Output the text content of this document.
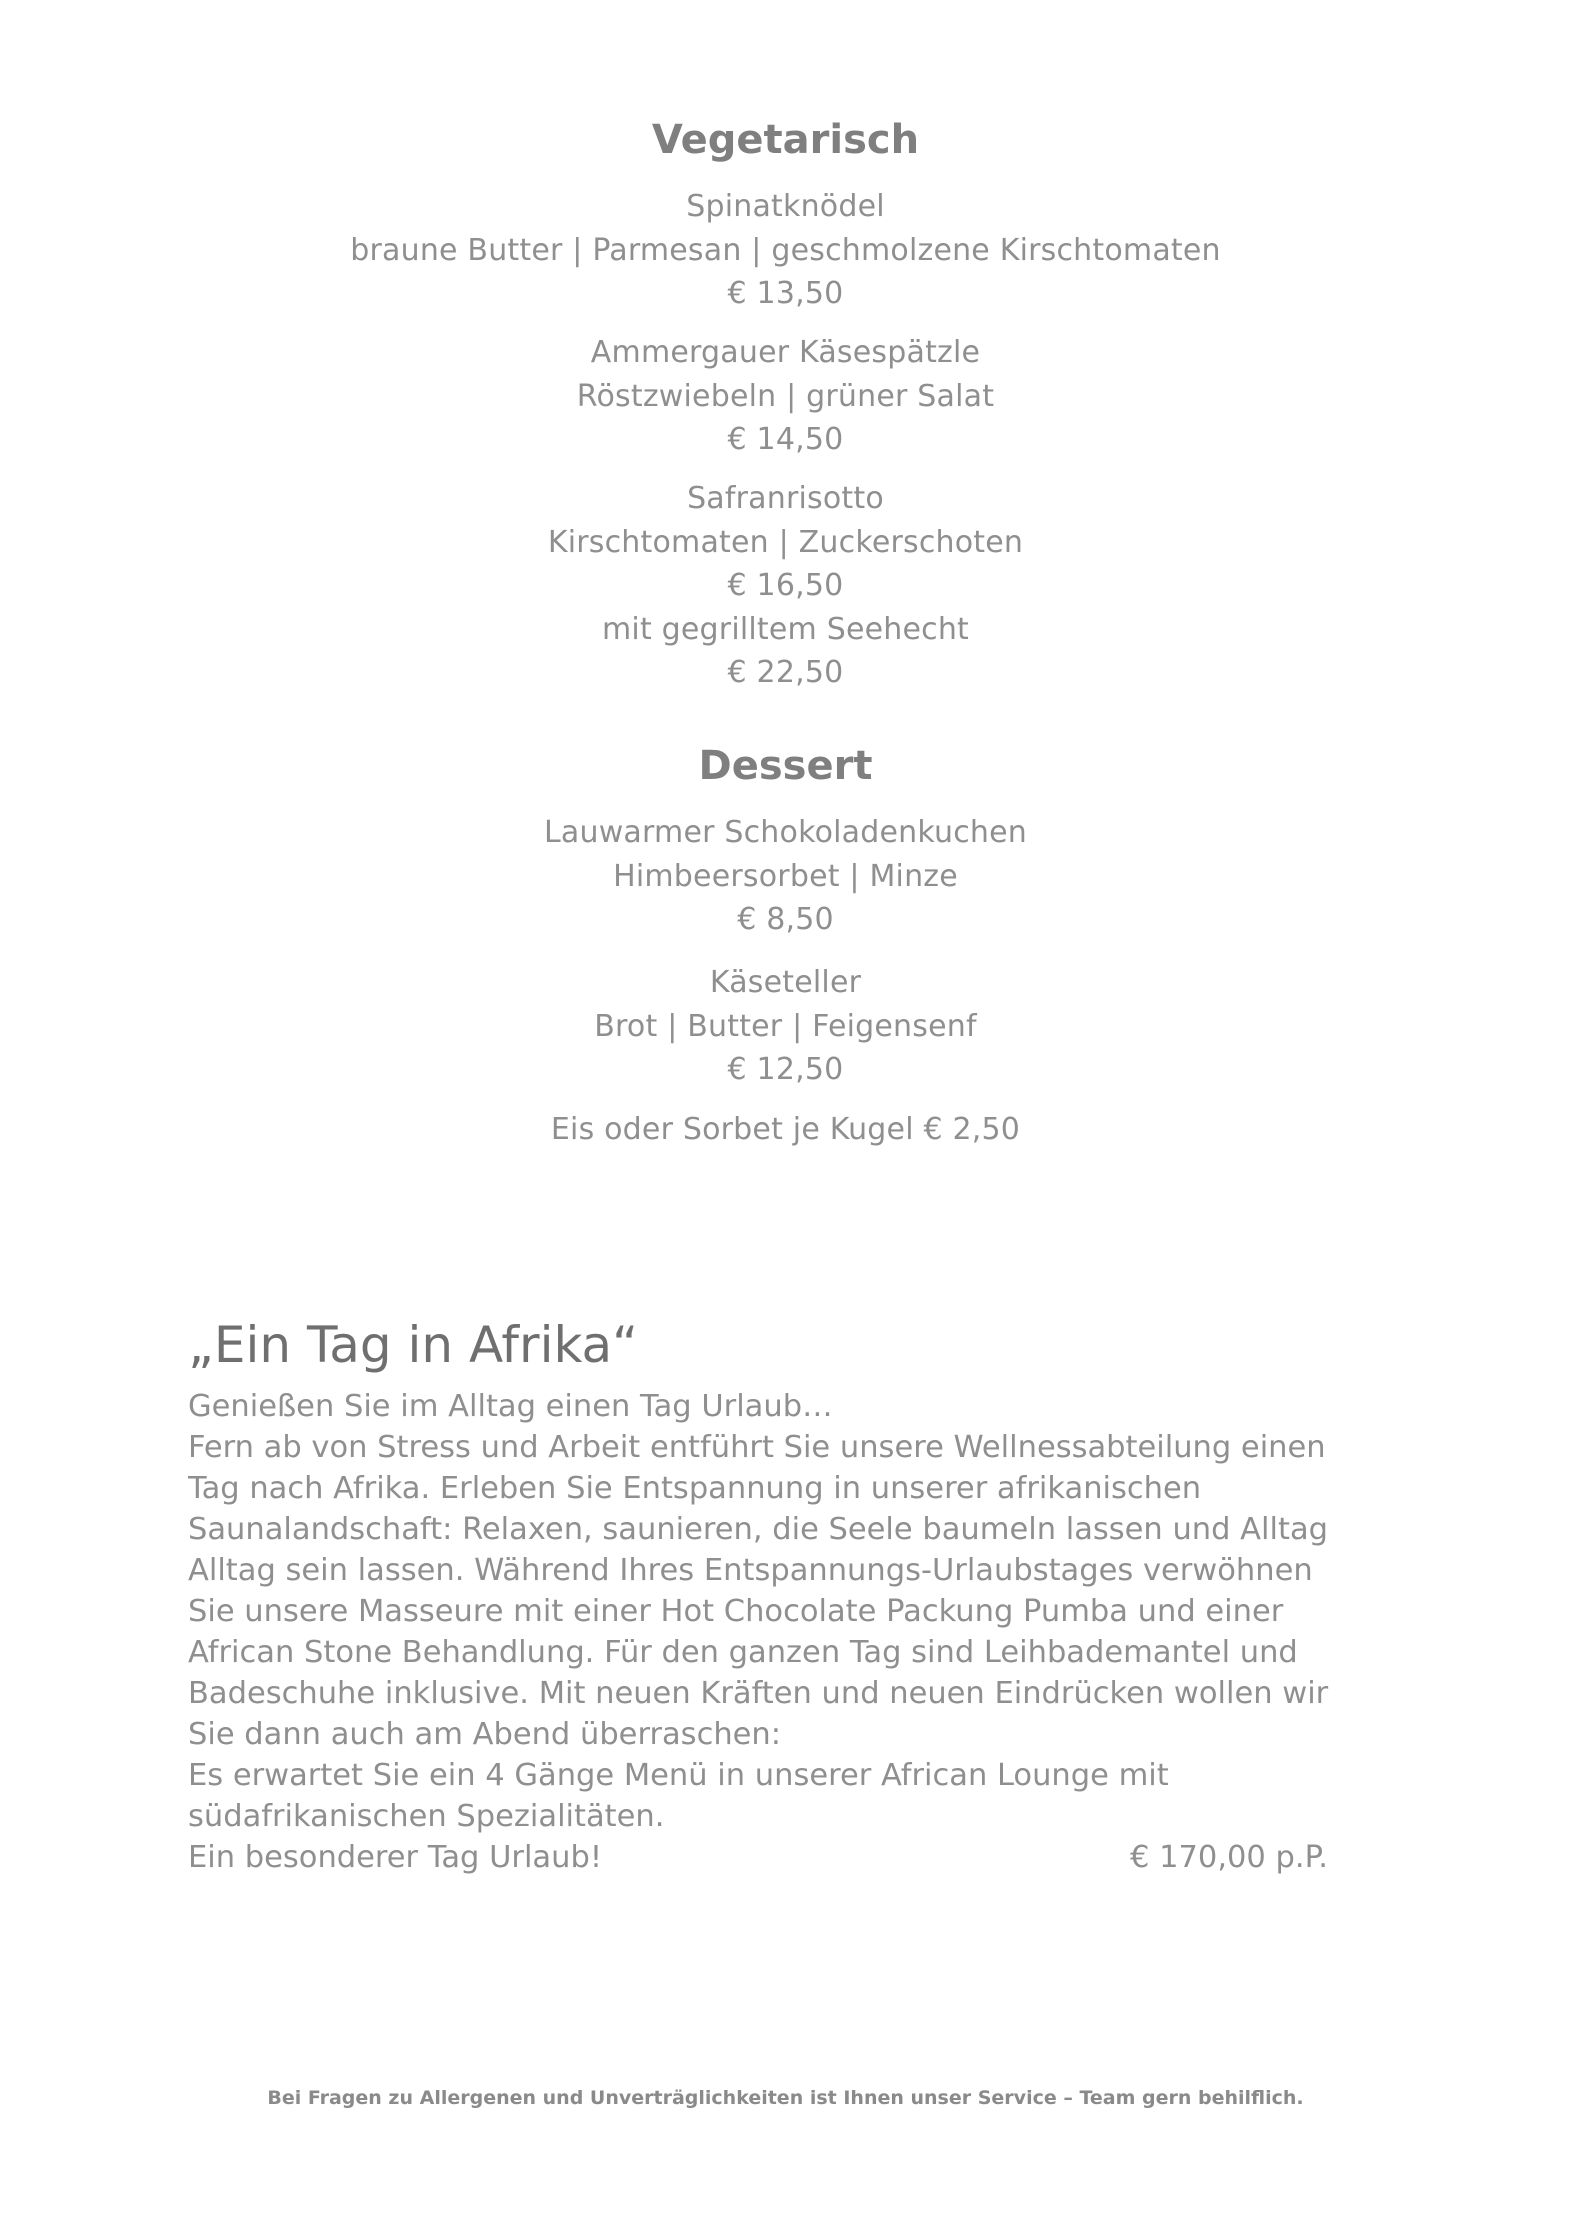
Vegetarisch
Spinatknödel
braune Butter | Parmesan | geschmolzene Kirschtomaten
€ 13,50
Ammergauer Käsespätzle
Röstzwiebeln | grüner Salat
€ 14,50
Safranrisotto
Kirschtomaten | Zuckerschoten
€ 16,50
mit gegrilltem Seehecht
€ 22,50
Dessert
Lauwarmer Schokoladenkuchen
Himbeersorbet | Minze
€ 8,50
Käseteller
Brot | Butter | Feigensenf
€ 12,50
Eis oder Sorbet je Kugel € 2,50
„Ein Tag in Afrika“
Genießen Sie im Alltag einen Tag Urlaub…
Fern ab von Stress und Arbeit entführt Sie unsere Wellnessabteilung einen
Tag nach Afrika. Erleben Sie Entspannung in unserer afrikanischen
Saunalandschaft: Relaxen, saunieren, die Seele baumeln lassen und Alltag
Alltag sein lassen. Während Ihres Entspannungs-Urlaubstages verwöhnen
Sie unsere Masseure mit einer Hot Chocolate Packung Pumba und einer
African Stone Behandlung. Für den ganzen Tag sind Leihbademantel und
Badeschuhe inklusive. Mit neuen Kräften und neuen Eindrücken wollen wir
Sie dann auch am Abend überraschen:
Es erwartet Sie ein 4 Gänge Menü in unserer African Lounge mit
südafrikanischen Spezialitäten.
Ein besonderer Tag Urlaub!	€ 170,00 p.P.
Bei Fragen zu Allergenen und Unverträglichkeiten ist Ihnen unser Service – Team gern behilflich.
